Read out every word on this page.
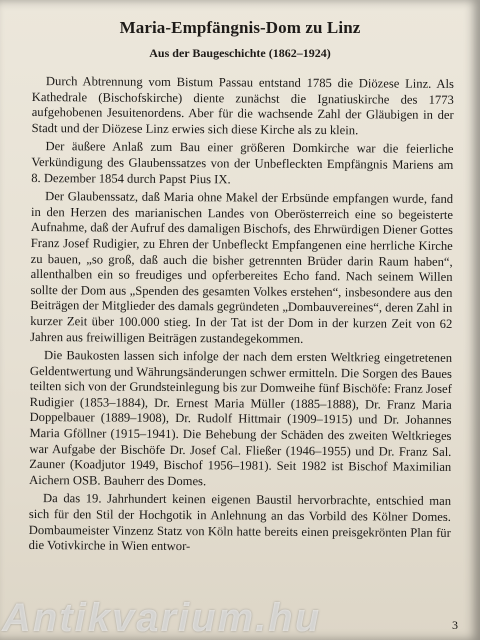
Maria-Empfängnis-Dom zu Linz
Aus der Baugeschichte (1862–1924)

Durch Abtrennung vom Bistum Passau entstand 1785 die Diözese Linz. Als Kathedrale (Bischofskirche) diente zunächst die Ignatiuskirche des 1773 aufgehobenen Jesuitenordens. Aber für die wachsende Zahl der Gläubigen in der Stadt und der Diözese Linz erwies sich diese Kirche als zu klein.

Der äußere Anlaß zum Bau einer größeren Domkirche war die feierliche Verkündigung des Glaubenssatzes von der Unbefleckten Empfängnis Mariens am 8. Dezember 1854 durch Papst Pius IX.

Der Glaubenssatz, daß Maria ohne Makel der Erbsünde empfangen wurde, fand in den Herzen des marianischen Landes von Oberösterreich eine so begeisterte Aufnahme, daß der Aufruf des damaligen Bischofs, des Ehrwürdigen Diener Gottes Franz Josef Rudigier, zu Ehren der Unbefleckt Empfangenen eine herrliche Kirche zu bauen, „so groß, daß auch die bisher getrennten Brüder darin Raum haben“, allenthalben ein so freudiges und opferbereites Echo fand. Nach seinem Willen sollte der Dom aus „Spenden des gesamten Volkes erstehen“, insbesondere aus den Beiträgen der Mitglieder des damals gegründeten „Dombauvereines“, deren Zahl in kurzer Zeit über 100.000 stieg. In der Tat ist der Dom in der kurzen Zeit von 62 Jahren aus freiwilligen Beiträgen zustandegekommen.

Die Baukosten lassen sich infolge der nach dem ersten Weltkrieg eingetretenen Geldentwertung und Währungsänderungen schwer ermitteln. Die Sorgen des Baues teilten sich von der Grundsteinlegung bis zur Domweihe fünf Bischöfe: Franz Josef Rudigier (1853–1884), Dr. Ernest Maria Müller (1885–1888), Dr. Franz Maria Doppelbauer (1889–1908), Dr. Rudolf Hittmair (1909–1915) und Dr. Johannes Maria Gföllner (1915–1941). Die Behebung der Schäden des zweiten Weltkrieges war Aufgabe der Bischöfe Dr. Josef Cal. Fließer (1946–1955) und Dr. Franz Sal. Zauner (Koadjutor 1949, Bischof 1956–1981). Seit 1982 ist Bischof Maximilian Aichern OSB. Bauherr des Domes.

Da das 19. Jahrhundert keinen eigenen Baustil hervorbrachte, entschied man sich für den Stil der Hochgotik in Anlehnung an das Vorbild des Kölner Domes. Dombaumeister Vinzenz Statz von Köln hatte bereits einen preisgekrönten Plan für die Votivkirche in Wien entwor-

Antikvarium.hu	3
